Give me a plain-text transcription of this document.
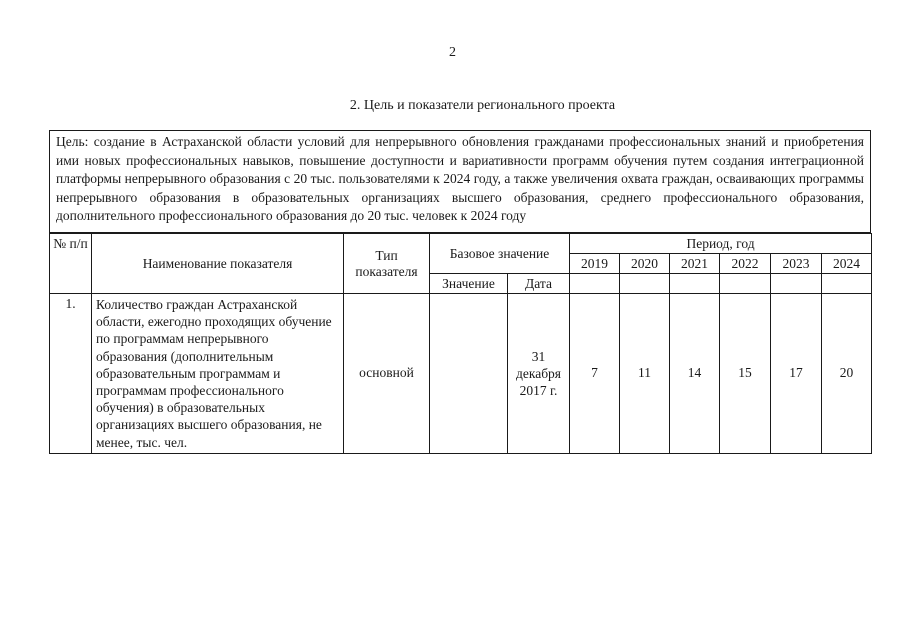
2
2. Цель и показатели регионального проекта
Цель: создание в Астраханской области условий для непрерывного обновления гражданами профессиональных знаний и приобретения ими новых профессиональных навыков, повышение доступности и вариативности программ обучения путем создания интеграционной платформы непрерывного образования с 20 тыс. пользователями к 2024 году, а также увеличения охвата граждан, осваивающих программы непрерывного образования в образовательных организациях высшего образования, среднего профессионального образования, дополнительного профессионального образования до 20 тыс. человек к 2024 году
№ п/п	Наименование показателя	Тип показателя	Базовое значение		Период, год					
					2019	2020	2021	2022	2023	2024
			Значение	Дата						
1.	Количество граждан Астраханской области, ежегодно проходящих обучение по программам непрерывного образования (дополнительным образовательным программам и программам профессионального обучения) в образовательных организациях высшего образования, не менее, тыс. чел.	основной		31 декабря 2017 г.	7	11	14	15	17	20
